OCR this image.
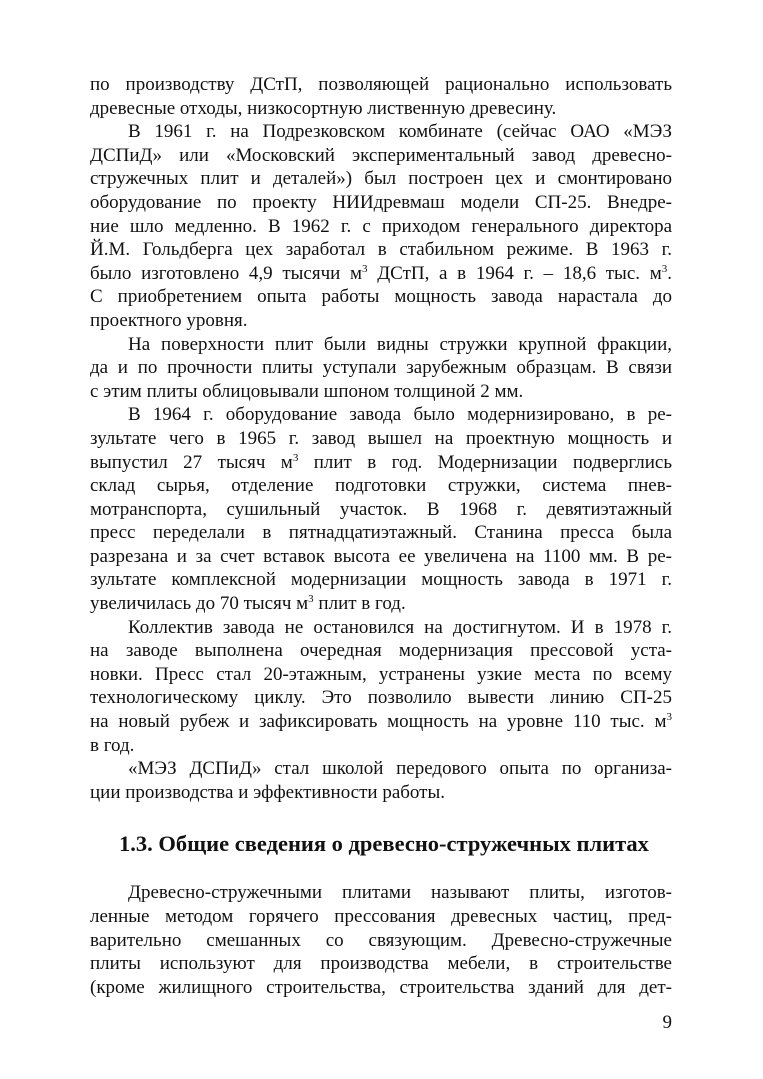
по производству ДСтП, позволяющей рационально использовать
древесные отходы, низкосортную лиственную древесину.

В 1961 г. на Подрезковском комбинате (сейчас ОАО «МЭЗ
ДСПиД» или «Московский экспериментальный завод древесно-
стружечных плит и деталей») был построен цех и смонтировано
оборудование по проекту НИИдревмаш модели СП-25. Внедре-
ние шло медленно. В 1962 г. с приходом генерального директора
Й.М. Гольдберга цех заработал в стабильном режиме. В 1963 г.
было изготовлено 4,9 тысячи $м^3$ ДСтП, а в 1964 г. – 18,6 тыс. $м^3$.
С приобретением опыта работы мощность завода нарастала до
проектного уровня.

На поверхности плит были видны стружки крупной фракции,
да и по прочности плиты уступали зарубежным образцам. В связи
с этим плиты облицовывали шпоном толщиной 2 мм.

В 1964 г. оборудование завода было модернизировано, в ре-
зультате чего в 1965 г. завод вышел на проектную мощность и
выпустил 27 тысяч $м^3$ плит в год. Модернизации подверглись
склад сырья, отделение подготовки стружки, система пнев-
мотранспорта, сушильный участок. В 1968 г. девятиэтажный
пресс переделали в пятнадцатиэтажный. Станина пресса была
разрезана и за счет вставок высота ее увеличена на 1100 мм. В ре-
зультате комплексной модернизации мощность завода в 1971 г.
увеличилась до 70 тысяч $м^3$ плит в год.

Коллектив завода не остановился на достигнутом. И в 1978 г.
на заводе выполнена очередная модернизация прессовой уста-
новки. Пресс стал 20-этажным, устранены узкие места по всему
технологическому циклу. Это позволило вывести линию СП-25
на новый рубеж и зафиксировать мощность на уровне 110 тыс. $м^3$
в год.

«МЭЗ ДСПиД» стал школой передового опыта по организа-
ции производства и эффективности работы.

1.3. Общие сведения о древесно-стружечных плитах

Древесно-стружечными плитами называют плиты, изготов-
ленные методом горячего прессования древесных частиц, пред-
варительно смешанных со связующим. Древесно-стружечные
плиты используют для производства мебели, в строительстве
(кроме жилищного строительства, строительства зданий для дет-

9
